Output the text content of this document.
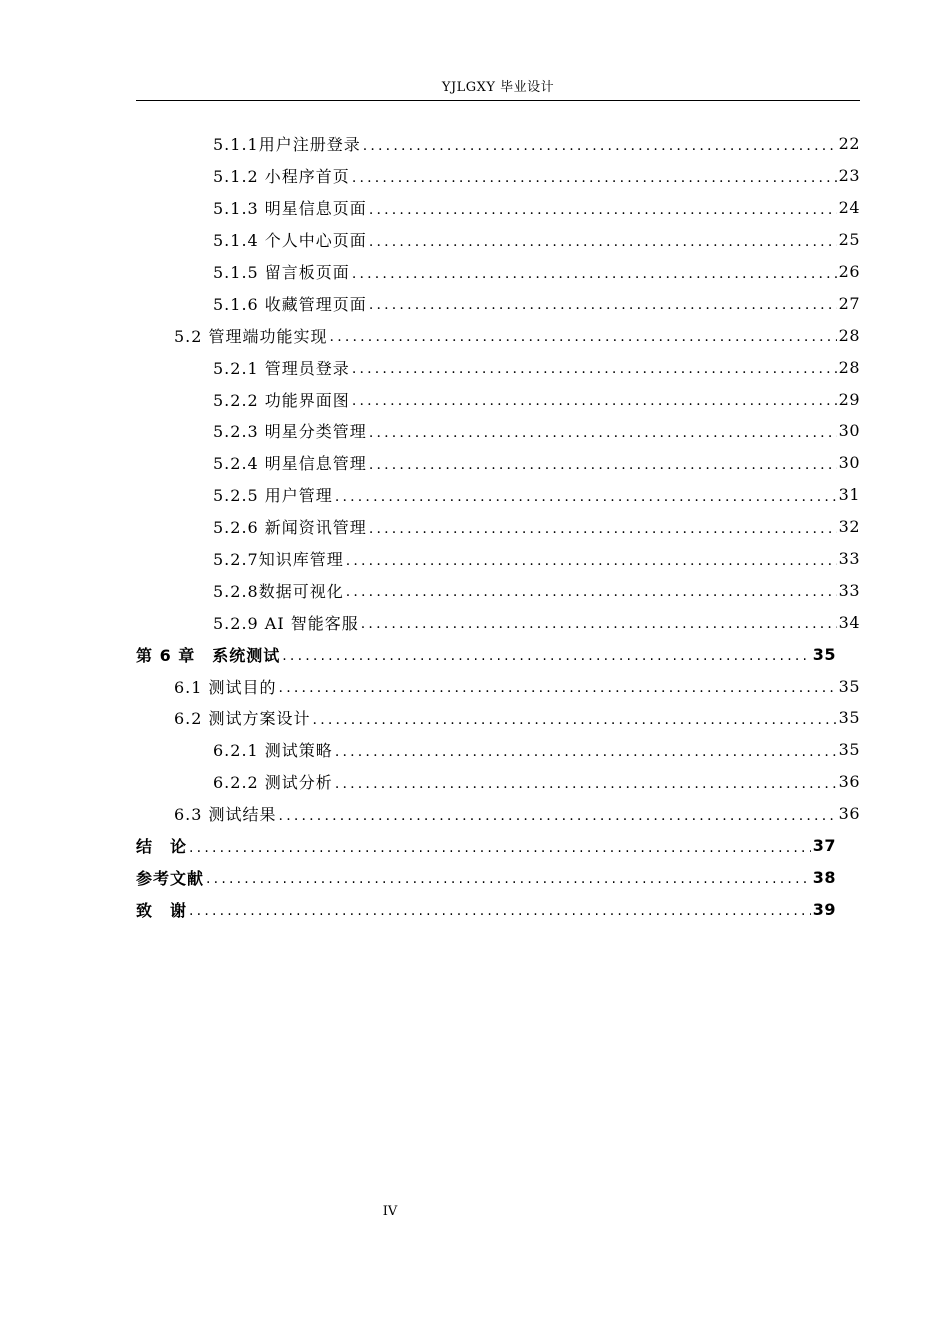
YJLGXY 毕业设计
5.1.1用户注册登录 .....	22
5.1.2 小程序首页 .....	23
5.1.3 明星信息页面 .....	24
5.1.4 个人中心页面 .....	25
5.1.5 留言板页面 .....	26
5.1.6 收藏管理页面 .....	27
5.2 管理端功能实现 .....	28
5.2.1 管理员登录 .....	28
5.2.2 功能界面图 .....	29
5.2.3 明星分类管理 .....	30
5.2.4 明星信息管理 .....	30
5.2.5 用户管理 .....	31
5.2.6 新闻资讯管理 .....	32
5.2.7知识库管理 .....	33
5.2.8数据可视化 .....	33
5.2.9 AI 智能客服 .....	34
第 6 章　系统测试 .....	35
6.1 测试目的 .....	35
6.2 测试方案设计 .....	35
6.2.1 测试策略 .....	35
6.2.2 测试分析 .....	36
6.3 测试结果 .....	36
结　论 .....	37
参考文献 .....	38
致　谢 .....	39
IV
